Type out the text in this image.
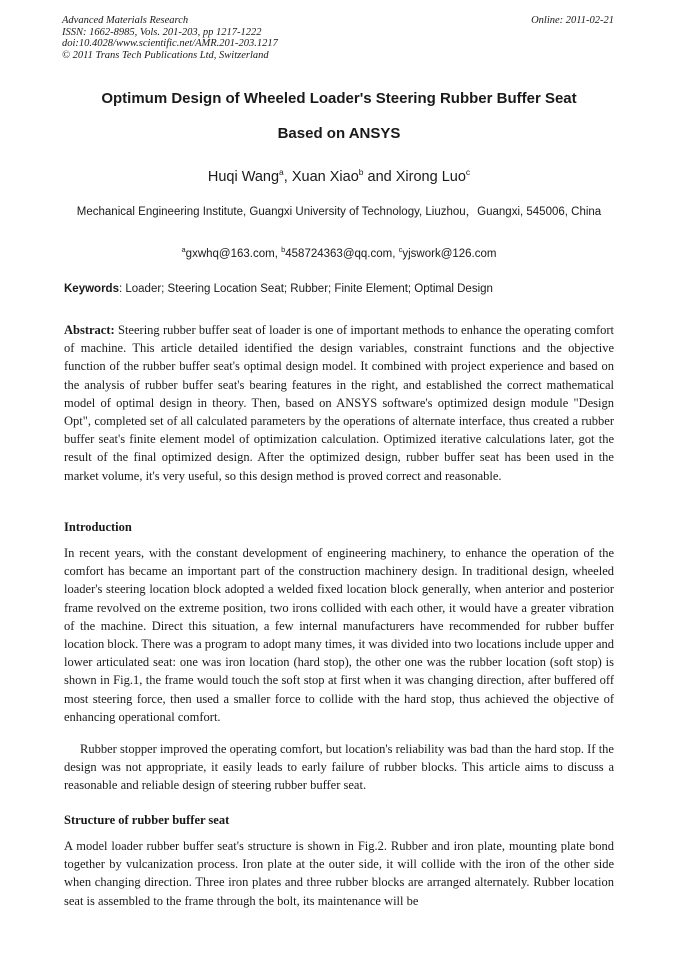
Advanced Materials Research
ISSN: 1662-8985, Vols. 201-203, pp 1217-1222
doi:10.4028/www.scientific.net/AMR.201-203.1217
© 2011 Trans Tech Publications Ltd, Switzerland
Online: 2011-02-21
Optimum Design of Wheeled Loader's Steering Rubber Buffer Seat
Based on ANSYS
Huqi Wang$^a$, Xuan Xiao$^b$ and Xirong Luo$^c$
Mechanical Engineering Institute, Guangxi University of Technology, Liuzhou，Guangxi, 545006, China
$^a$gxwhq@163.com, $^b$458724363@qq.com, $^c$yjswork@126.com
Keywords: Loader; Steering Location Seat; Rubber; Finite Element; Optimal Design
Abstract: Steering rubber buffer seat of loader is one of important methods to enhance the operating comfort of machine. This article detailed identified the design variables, constraint functions and the objective function of the rubber buffer seat's optimal design model. It combined with project experience and based on the analysis of rubber buffer seat's bearing features in the right, and established the correct mathematical model of optimal design in theory. Then, based on ANSYS software's optimized design module "Design Opt", completed set of all calculated parameters by the operations of alternate interface, thus created a rubber buffer seat's finite element model of optimization calculation. Optimized iterative calculations later, got the result of the final optimized design. After the optimized design, rubber buffer seat has been used in the market volume, it's very useful, so this design method is proved correct and reasonable.
Introduction
In recent years, with the constant development of engineering machinery, to enhance the operation of the comfort has became an important part of the construction machinery design. In traditional design, wheeled loader's steering location block adopted a welded fixed location block generally, when anterior and posterior frame revolved on the extreme position, two irons collided with each other, it would have a greater vibration of the machine. Direct this situation, a few internal manufacturers have recommended for rubber buffer location block. There was a program to adopt many times, it was divided into two locations include upper and lower articulated seat: one was iron location (hard stop), the other one was the rubber location (soft stop) is shown in Fig.1, the frame would touch the soft stop at first when it was changing direction, after buffered off most steering force, then used a smaller force to collide with the hard stop, thus achieved the objective of enhancing operational comfort.
Rubber stopper improved the operating comfort, but location's reliability was bad than the hard stop. If the design was not appropriate, it easily leads to early failure of rubber blocks. This article aims to discuss a reasonable and reliable design of steering rubber buffer seat.
Structure of rubber buffer seat
A model loader rubber buffer seat's structure is shown in Fig.2. Rubber and iron plate, mounting plate bond together by vulcanization process. Iron plate at the outer side, it will collide with the iron of the other side when changing direction. Three iron plates and three rubber blocks are arranged alternately. Rubber location seat is assembled to the frame through the bolt, its maintenance will be
